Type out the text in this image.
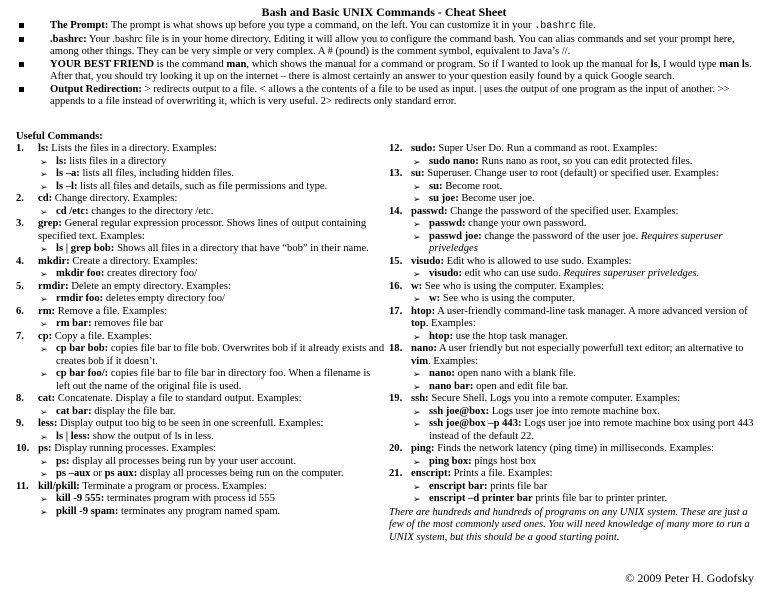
Bash and Basic UNIX Commands - Cheat Sheet
The Prompt: The prompt is what shows up before you type a command, on the left. You can customize it in your .bashrc file.
.bashrc: Your .bashrc file is in your home directory. Editing it will allow you to configure the command bash. You can alias commands and set your prompt here, among other things. They can be very simple or very complex. A # (pound) is the comment symbol, equivalent to Java’s //.
YOUR BEST FRIEND is the command man, which shows the manual for a command or program. So if I wanted to look up the manual for ls, I would type man ls. After that, you should try looking it up on the internet – there is almost certainly an answer to your question easily found by a quick Google search.
Output Redirection: > redirects output to a file. < allows a the contents of a file to be used as input. | uses the output of one program as the input of another. >> appends to a file instead of overwriting it, which is very useful. 2> redirects only standard error.
Useful Commands:
1. ls: Lists the files in a directory. Examples:
➢ ls: lists files in a directory
➢ ls –a: lists all files, including hidden files.
➢ ls –l: lists all files and details, such as file permissions and type.
2. cd: Change directory. Examples:
➢ cd /etc: changes to the directory /etc.
3. grep: General regular expression processor. Shows lines of output containing specified text. Examples:
➢ ls | grep bob: Shows all files in a directory that have “bob” in their name.
4. mkdir: Create a directory. Examples:
➢ mkdir foo: creates directory foo/
5. rmdir: Delete an empty directory. Examples:
➢ rmdir foo: deletes empty directory foo/
6. rm: Remove a file. Examples:
➢ rm bar: removes file bar
7. cp: Copy a file. Examples:
➢ cp bar bob: copies file bar to file bob. Overwrites bob if it already exists and creates bob if it doesn’t.
➢ cp bar foo/: copies file bar to file bar in directory foo. When a filename is left out the name of the original file is used.
8. cat: Concatenate. Display a file to standard output. Examples:
➢ cat bar: display the file bar.
9. less: Display output too big to be seen in one screenfull. Examples:
➢ ls | less: show the output of ls in less.
10. ps: Display running processes. Examples:
➢ ps: display all processes being run by your user account.
➢ ps –aux or ps aux: display all processes being run on the computer.
11. kill/pkill: Terminate a program or process. Examples:
➢ kill -9 555: terminates program with process id 555
➢ pkill -9 spam: terminates any program named spam.
12. sudo: Super User Do. Run a command as root. Examples:
➢ sudo nano: Runs nano as root, so you can edit protected files.
13. su: Superuser. Change user to root (default) or specified user. Examples:
➢ su: Become root.
➢ su joe: Become user joe.
14. passwd: Change the password of the specified user. Examples:
➢ passwd: change your own password.
➢ passwd joe: change the password of the user joe. Requires superuser priveledges
15. visudo: Edit who is allowed to use sudo. Examples:
➢ visudo: edit who can use sudo. Requires superuser priveledges.
16. w: See who is using the computer. Examples:
➢ w: See who is using the computer.
17. htop: A user-friendly command-line task manager. A more advanced version of top. Examples:
➢ htop: use the htop task manager.
18. nano: A user friendly but not especially powerfull text editor; an alternative to vim. Examples:
➢ nano: open nano with a blank file.
➢ nano bar: open and edit file bar.
19. ssh: Secure Shell. Logs you into a remote computer. Examples:
➢ ssh joe@box: Logs user joe into remote machine box.
➢ ssh joe@box –p 443: Logs user joe into remote machine box using port 443 instead of the default 22.
20. ping: Finds the network latency (ping time) in milliseconds. Examples:
➢ ping box: pings host box
21. enscript: Prints a file. Examples:
➢ enscript bar: prints file bar
➢ enscript –d printer bar prints file bar to printer printer.
There are hundreds and hundreds of programs on any UNIX system. These are just a few of the most commonly used ones. You will need knowledge of many more to run a UNIX system, but this should be a good starting point.
© 2009 Peter H. Godofsky
